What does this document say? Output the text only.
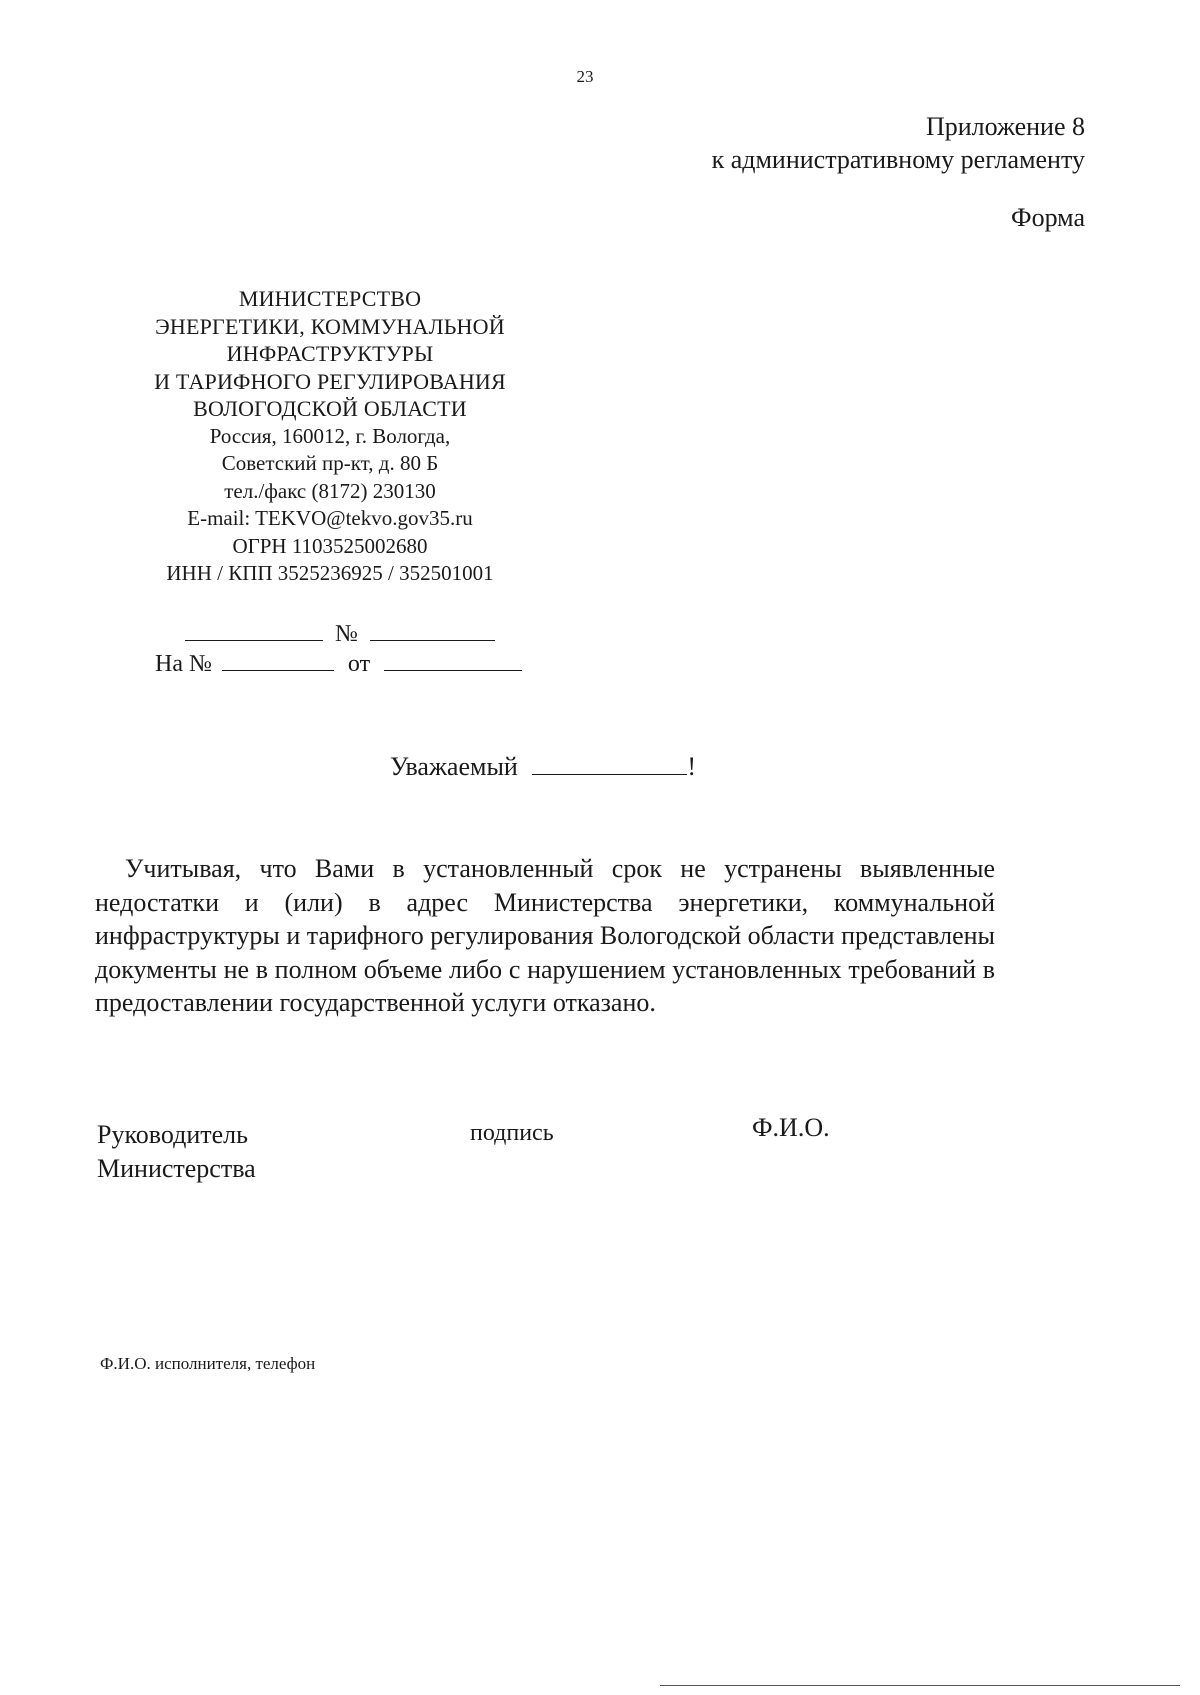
23
Приложение 8
к административному регламенту
Форма
МИНИСТЕРСТВО
ЭНЕРГЕТИКИ, КОММУНАЛЬНОЙ
ИНФРАСТРУКТУРЫ
И ТАРИФНОГО РЕГУЛИРОВАНИЯ
ВОЛОГОДСКОЙ ОБЛАСТИ
Россия, 160012, г. Вологда,
Советский пр-кт, д. 80 Б
тел./факс (8172) 230130
E-mail: TEKVO@tekvo.gov35.ru
ОГРН 1103525002680
ИНН / КПП 3525236925 / 352501001
№
На №	от
Уважаемый	!
Учитывая, что Вами в установленный срок не устранены выявленные недостатки и (или) в адрес Министерства энергетики, коммунальной инфраструктуры и тарифного регулирования Вологодской области представлены документы не в полном объеме либо с нарушением установленных требований в предоставлении государственной услуги отказано.
Руководитель
Министерства
подпись	Ф.И.О.
Ф.И.О. исполнителя, телефон
